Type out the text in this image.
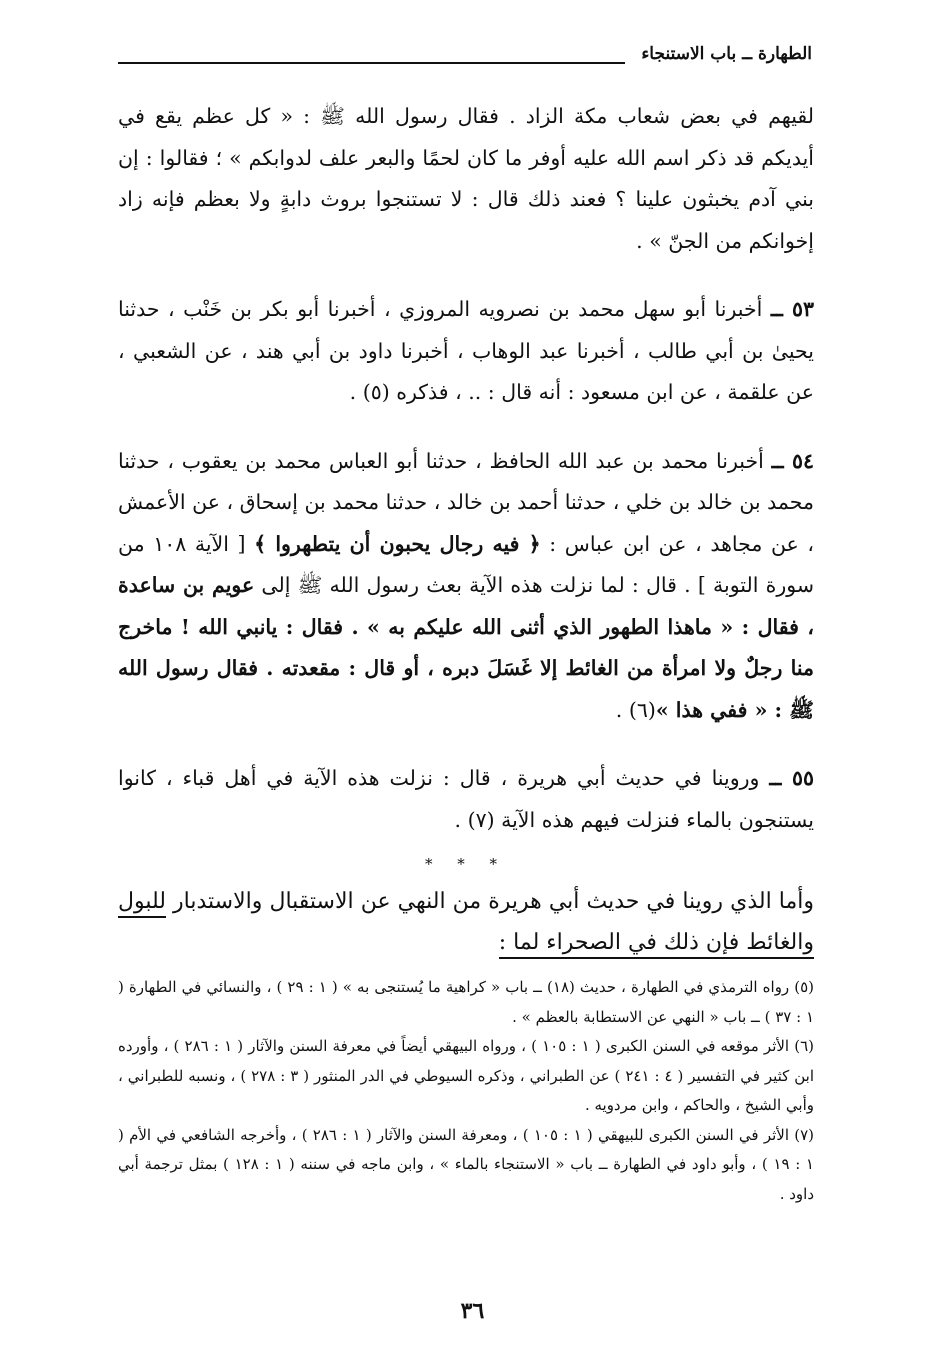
الطهارة ــ باب الاستنجاء

لقيهم في بعض شعاب مكة الزاد . فقال رسول الله ﷺ : « كل عظم يقع في أيديكم قد ذكر اسم الله عليه أوفر ما كان لحمًا والبعر علف لدوابكم » ؛ فقالوا : إن بني آدم يخبثون علينا ؟ فعند ذلك قال : لا تستنجوا بروث دابةٍ ولا بعظم فإنه زاد إخوانكم من الجنّ » .

٥٣ ــ أخبرنا أبو سهل محمد بن نصرويه المروزي ، أخبرنا أبو بكر بن خَنْب ، حدثنا يحيىٰ بن أبي طالب ، أخبرنا عبد الوهاب ، أخبرنا داود بن أبي هند ، عن الشعبي ، عن علقمة ، عن ابن مسعود : أنه قال : .. ، فذكره (٥) .

٥٤ ــ أخبرنا محمد بن عبد الله الحافظ ، حدثنا أبو العباس محمد بن يعقوب ، حدثنا محمد بن خالد بن خلي ، حدثنا أحمد بن خالد ، حدثنا محمد بن إسحاق ، عن الأعمش ، عن مجاهد ، عن ابن عباس : ﴿ فيه رجال يحبون أن يتطهروا ﴾ [ الآية ١٠٨ من سورة التوبة ] . قال : لما نزلت هذه الآية بعث رسول الله ﷺ إلى عويم بن ساعدة ، فقال : « ماهذا الطهور الذي أثنى الله عليكم به » . فقال : يانبي الله ! ماخرج منا رجلٌ ولا امرأة من الغائط إلا غَسَلَ دبره ، أو قال : مقعدته . فقال رسول الله ﷺ : « ففي هذا »(٦) .

٥٥ ــ وروينا في حديث أبي هريرة ، قال : نزلت هذه الآية في أهل قباء ، كانوا يستنجون بالماء فنزلت فيهم هذه الآية (٧) .

* * *

وأما الذي روينا في حديث أبي هريرة من النهي عن الاستقبال والاستدبار للبول والغائط فإن ذلك في الصحراء لما :

(٥) رواه الترمذي في الطهارة ، حديث (١٨) ــ باب « كراهية ما يُستنجى به » ( ١ : ٢٩ ) ، والنسائي في الطهارة ( ١ : ٣٧ ) ــ باب « النهي عن الاستطابة بالعظم » .

(٦) الأثر موقعه في السنن الكبرى ( ١ : ١٠٥ ) ، ورواه البيهقي أيضاً في معرفة السنن والآثار ( ١ : ٢٨٦ ) ، وأورده ابن كثير في التفسير ( ٤ : ٢٤١ ) عن الطبراني ، وذكره السيوطي في الدر المنثور ( ٣ : ٢٧٨ ) ، ونسبه للطبراني ، وأبي الشيخ ، والحاكم ، وابن مردويه .

(٧) الأثر في السنن الكبرى للبيهقي ( ١ : ١٠٥ ) ، ومعرفة السنن والآثار ( ١ : ٢٨٦ ) ، وأخرجه الشافعي في الأم ( ١ : ١٩ ) ، وأبو داود في الطهارة ــ باب « الاستنجاء بالماء » ، وابن ماجه في سننه ( ١ : ١٢٨ ) بمثل ترجمة أبي داود .

٣٦
